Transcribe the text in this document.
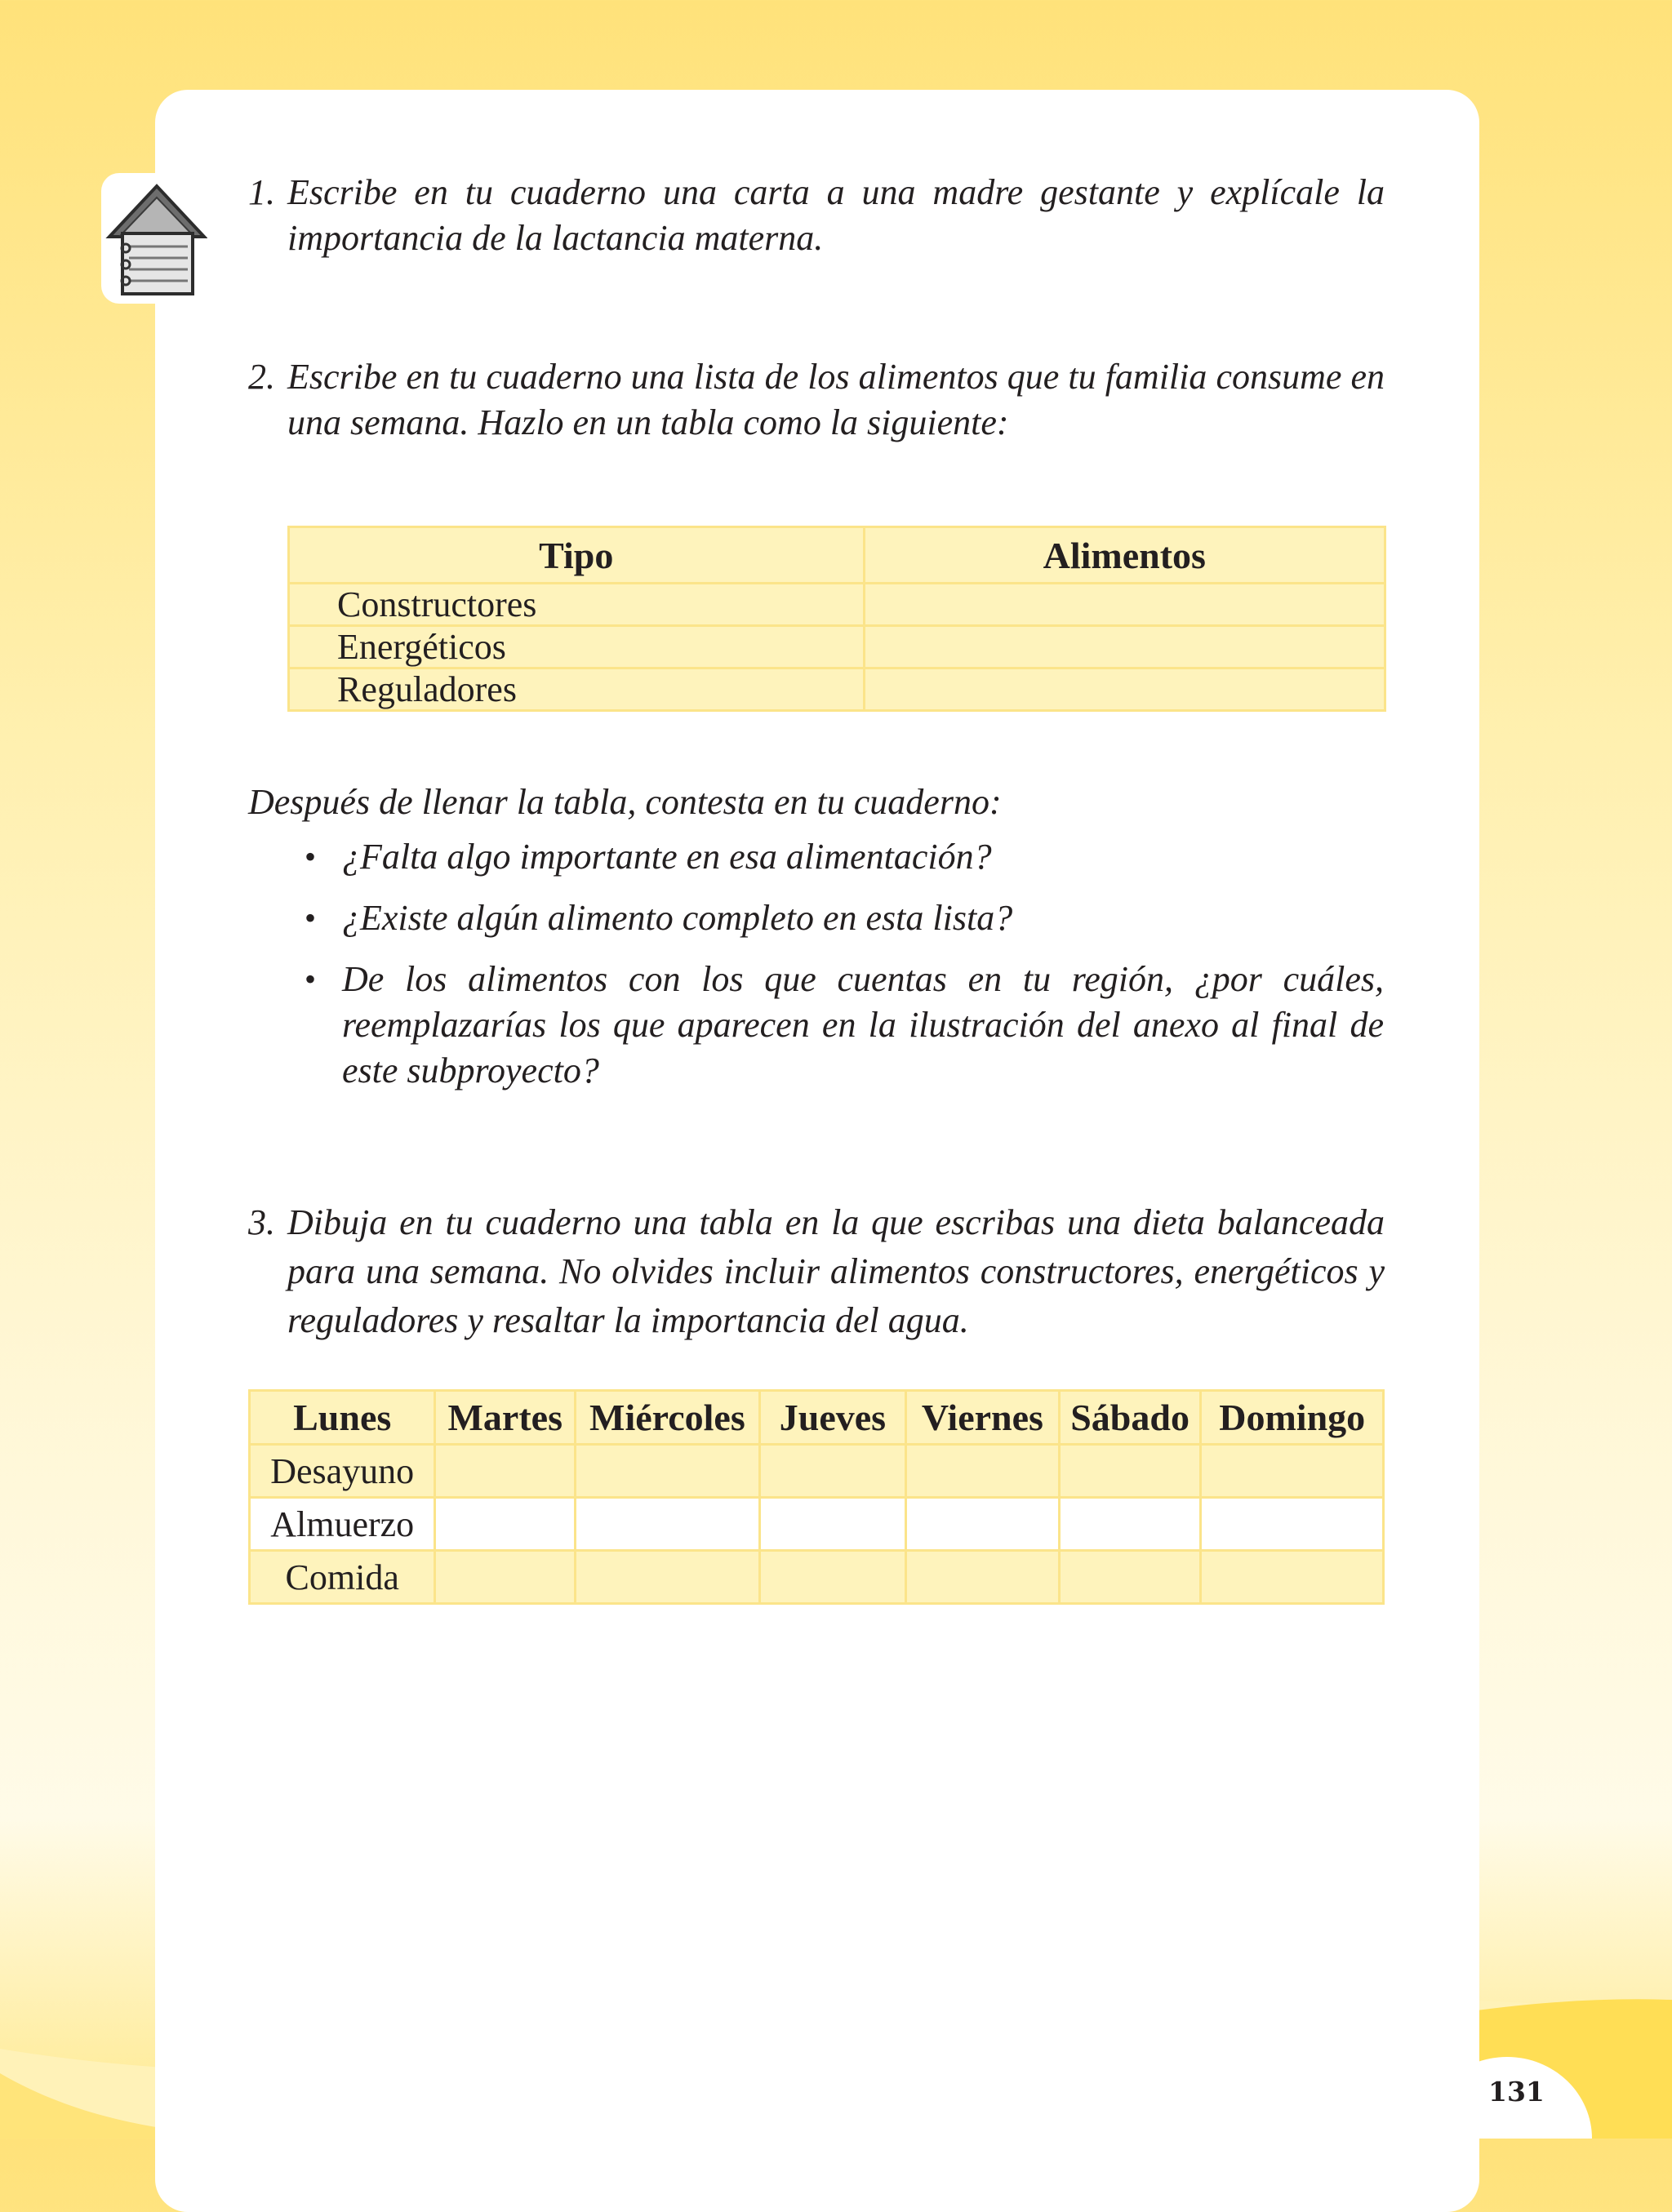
1. Escribe en tu cuaderno una carta a una madre gestante y explícale la importancia de la lactancia materna.
2. Escribe en tu cuaderno una lista de los alimentos que tu familia consume en una semana. Hazlo en un tabla como la siguiente:
Tipo	Alimentos
Constructores	
Energéticos	
Reguladores	
Después de llenar la tabla, contesta en tu cuaderno:
• ¿Falta algo importante en esa alimentación?
• ¿Existe algún alimento completo en esta lista?
• De los alimentos con los que cuentas en tu región, ¿por cuáles, reemplazarías los que aparecen en la ilustración del anexo al final de este subproyecto?
3. Dibuja en tu cuaderno una tabla en la que escribas una dieta balanceada para una semana. No olvides incluir alimentos constructores, energéticos y reguladores y resaltar la importancia del agua.
Lunes	Martes	Miércoles	Jueves	Viernes	Sábado	Domingo
Desayuno						
Almuerzo						
Comida						
131
